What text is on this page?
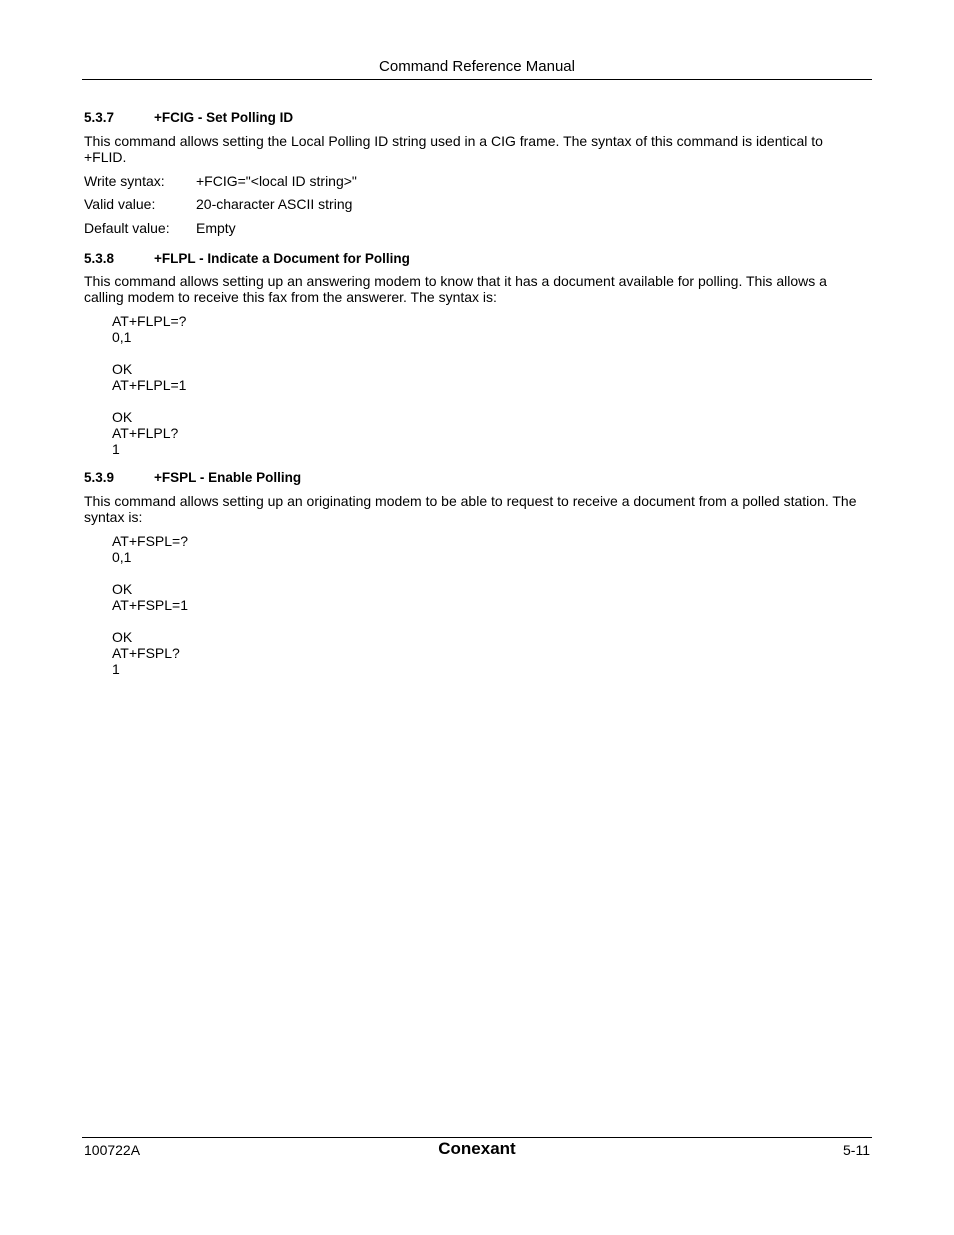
Command Reference Manual
5.3.7	+FCIG - Set Polling ID
This command allows setting the Local Polling ID string used in a CIG frame. The syntax of this command is identical to +FLID.
Write syntax: +FCIG="<local ID string>"
Valid value:	20-character ASCII string
Default value: Empty
5.3.8	+FLPL - Indicate a Document for Polling
This command allows setting up an answering modem to know that it has a document available for polling. This allows a calling modem to receive this fax from the answerer. The syntax is:
AT+FLPL=?
0,1

OK
AT+FLPL=1

OK
AT+FLPL?
1
5.3.9	+FSPL - Enable Polling
This command allows setting up an originating modem to be able to request to receive a document from a polled station. The syntax is:
AT+FSPL=?
0,1

OK
AT+FSPL=1

OK
AT+FSPL?
1
100722A	Conexant	5-11
